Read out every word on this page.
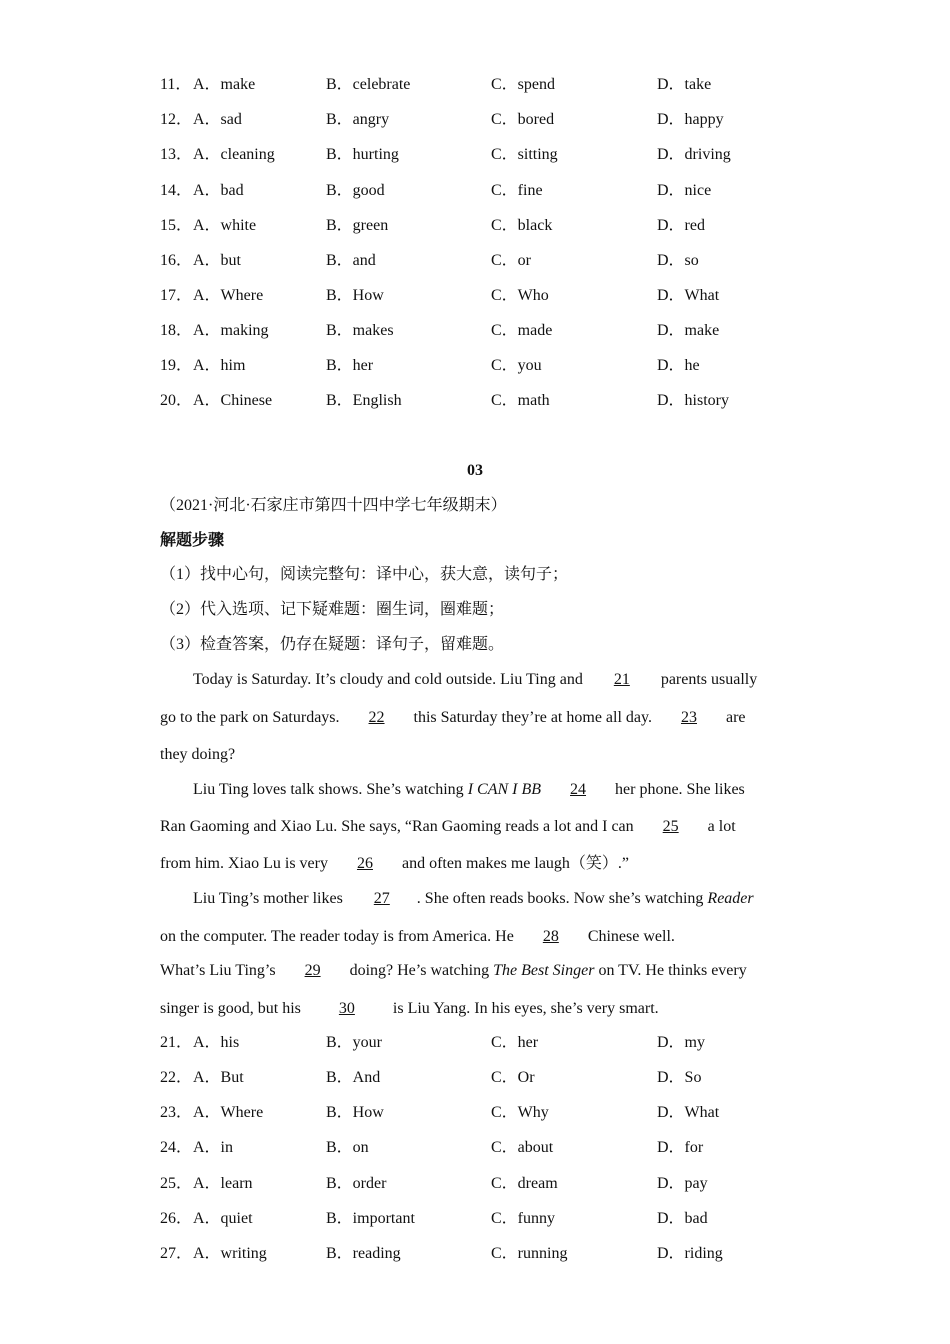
11． A．make	B．celebrate	C．spend	D．take
12． A．sad	B．angry	C．bored	D．happy
13． A．cleaning	B．hurting	C．sitting	D．driving
14． A．bad	B．good	C．fine	D．nice
15． A．white	B．green	C．black	D．red
16． A．but	B．and	C．or	D．so
17． A．Where	B．How	C．Who	D．What
18． A．making	B．makes	C．made	D．make
19． A．him	B．her	C．you	D．he
20． A．Chinese	B．English	C．math	D．history
03
（2021·河北·石家庄市第四十四中学七年级期末）
解题步骤
（1）找中心句，阅读完整句：译中心，获大意，读句子；
（2）代入选项、记下疑难题：圈生词，圈难题；
（3）检查答案，仍存在疑题：译句子，留难题。
Today is Saturday. It’s cloudy and cold outside. Liu Ting and 21 parents usually
go to the park on Saturdays. 22 this Saturday they’re at home all day. 23 are
they doing?
Liu Ting loves talk shows. She’s watching I CAN I BB 24 her phone. She likes
Ran Gaoming and Xiao Lu. She says, “Ran Gaoming reads a lot and I can 25 a lot
from him. Xiao Lu is very 26 and often makes me laugh（笑）.”
Liu Ting’s mother likes 27 . She often reads books. Now she’s watching Reader
on the computer. The reader today is from America. He 28 Chinese well.
What’s Liu Ting’s 29 doing? He’s watching The Best Singer on TV. He thinks every
singer is good, but his 30 is Liu Yang. In his eyes, she’s very smart.
21． A．his	B．your	C．her	D．my
22． A．But	B．And	C．Or	D．So
23． A．Where	B．How	C．Why	D．What
24． A．in	B．on	C．about	D．for
25． A．learn	B．order	C．dream	D．pay
26． A．quiet	B．important	C．funny	D．bad
27． A．writing	B．reading	C．running	D．riding
